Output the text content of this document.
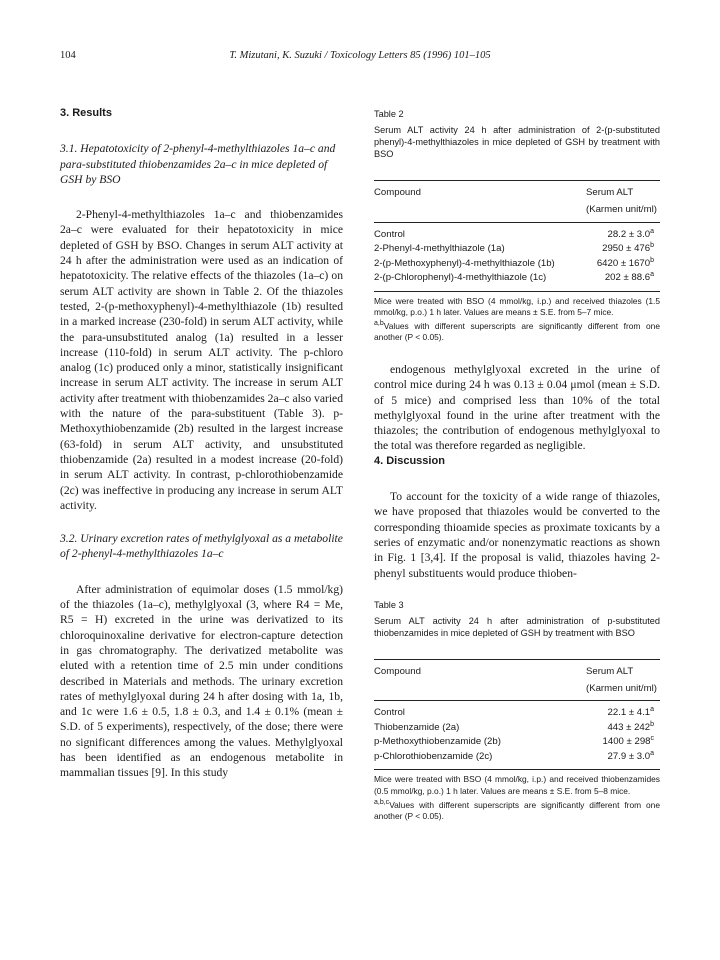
104	T. Mizutani, K. Suzuki / Toxicology Letters 85 (1996) 101–105
3. Results
3.1. Hepatotoxicity of 2-phenyl-4-methylthiazoles 1a–c and para-substituted thiobenzamides 2a–c in mice depleted of GSH by BSO

2-Phenyl-4-methylthiazoles 1a–c and thiobenzamides 2a–c were evaluated for their hepatotoxicity in mice depleted of GSH by BSO. Changes in serum ALT activity at 24 h after the administration were used as an indication of hepatotoxicity. The relative effects of the thiazoles (1a–c) on serum ALT activity are shown in Table 2. Of the thiazoles tested, 2-(p-methoxyphenyl)-4-methylthiazole (1b) resulted in a marked increase (230-fold) in serum ALT activity, while the para-unsubstituted analog (1a) resulted in a lesser increase (110-fold) in serum ALT activity. The p-chloro analog (1c) produced only a minor, statistically insignificant increase in serum ALT activity. The increase in serum ALT activity after treatment with thiobenzamides 2a–c also varied with the nature of the para-substituent (Table 3). p-Methoxythiobenzamide (2b) resulted in the largest increase (63-fold) in serum ALT activity, and unsubstituted thiobenzamide (2a) resulted in a modest increase (20-fold) in serum ALT activity. In contrast, p-chlorothiobenzamide (2c) was ineffective in producing any increase in serum ALT activity.

3.2. Urinary excretion rates of methylglyoxal as a metabolite of 2-phenyl-4-methylthiazoles 1a–c

After administration of equimolar doses (1.5 mmol/kg) of the thiazoles (1a–c), methylglyoxal (3, where R4 = Me, R5 = H) excreted in the urine was derivatized to its chloroquinoxaline derivative for electron-capture detection in gas chromatography. The derivatized metabolite was eluted with a retention time of 2.5 min under conditions described in Materials and methods. The urinary excretion rates of methylglyoxal during 24 h after dosing with 1a, 1b, and 1c were 1.6 ± 0.5, 1.8 ± 0.3, and 1.4 ± 0.1% (mean ± S.D. of 5 experiments), respectively, of the dose; there were no significant differences among the values. Methylglyoxal has been identified as an endogenous metabolite in mammalian tissues [9]. In this study

Table 2
Serum ALT activity 24 h after administration of 2-(p-substituted phenyl)-4-methylthiazoles in mice depleted of GSH by treatment with BSO
Compound	Serum ALT
	(Karmen unit/ml)
Control	28.2 ± 3.0$^a$
2-Phenyl-4-methylthiazole (1a)	$2950 \pm 476^b$
2-(p-Methoxyphenyl)-4-methylthiazole (1b)	$6420 \pm 1670^b$
2-(p-Chlorophenyl)-4-methylthiazole (1c)	202 ± 88.6$^a$
Mice were treated with BSO (4 mmol/kg, i.p.) and received thiazoles (1.5 mmol/kg, p.o.) 1 h later. Values are means ± S.E. from 5–7 mice.
$^{a,b}$Values with different superscripts are significantly different from one another (P < 0.05).

endogenous methylglyoxal excreted in the urine of control mice during 24 h was 0.13 ± 0.04 μmol (mean ± S.D. of 5 mice) and comprised less than 10% of the total methylglyoxal found in the urine after treatment with the thiazoles; the contribution of endogenous methylglyoxal to the total was therefore regarded as negligible.

4. Discussion

To account for the toxicity of a wide range of thiazoles, we have proposed that thiazoles would be converted to the corresponding thioamide species as proximate toxicants by a series of enzymatic and/or nonenzymatic reactions as shown in Fig. 1 [3,4]. If the proposal is valid, thiazoles having 2-phenyl substituents would produce thioben-

Table 3
Serum ALT activity 24 h after administration of p-substituted thiobenzamides in mice depleted of GSH by treatment with BSO
Compound	Serum ALT
	(Karmen unit/ml)
Control	22.1 ± 4.1$^a$
Thiobenzamide (2a)	$443 \pm 242^b$
p-Methoxythiobenzamide (2b)	$1400 \pm 298^c$
p-Chlorothiobenzamide (2c)	27.9 ± 3.0$^a$
Mice were treated with BSO (4 mmol/kg, i.p.) and received thiobenzamides (0.5 mmol/kg, p.o.) 1 h later. Values are means ± S.E. from 5–8 mice.
$^{a,b,c}$Values with different superscripts are significantly different from one another (P < 0.05).
